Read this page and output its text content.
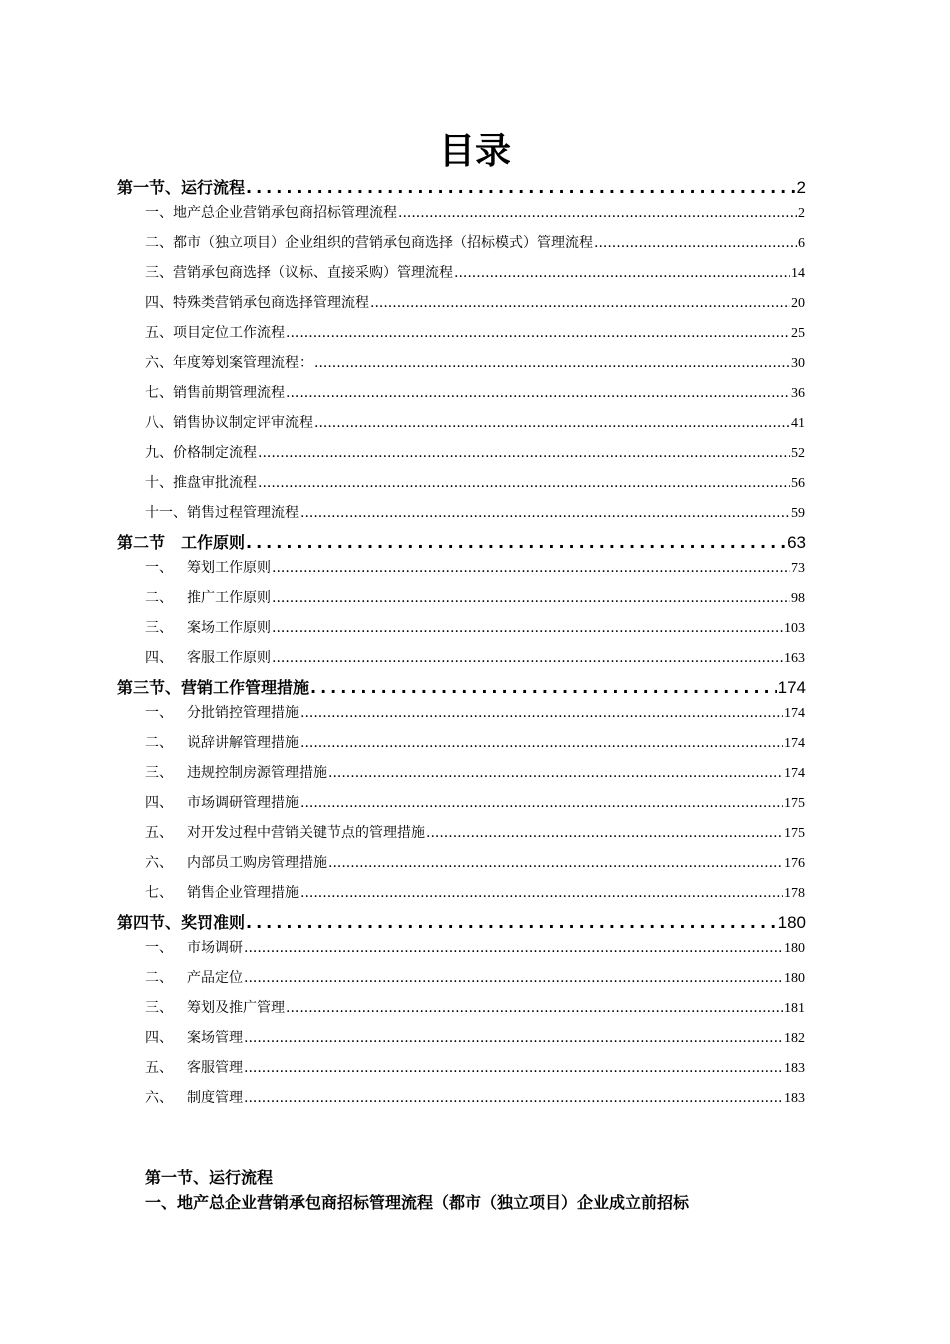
目录
第一节、运行流程 .....	2
一、地产总企业营销承包商招标管理流程 .....	2
二、都市（独立项目）企业组织的营销承包商选择（招标模式）管理流程 .....	6
三、营销承包商选择（议标、直接采购）管理流程 .....	14
四、特殊类营销承包商选择管理流程 .....	20
五、项目定位工作流程 .....	25
六、年度筹划案管理流程： .....	30
七、销售前期管理流程 .....	36
八、销售协议制定评审流程 .....	41
九、价格制定流程 .....	52
十、推盘审批流程 .....	56
十一、销售过程管理流程 .....	59
第二节　工作原则 .....	63
一、 筹划工作原则 .....	73
二、 推广工作原则 .....	98
三、 案场工作原则 .....	103
四、 客服工作原则 .....	163
第三节、营销工作管理措施 .....	174
一、 分批销控管理措施 .....	174
二、 说辞讲解管理措施 .....	174
三、 违规控制房源管理措施 .....	174
四、 市场调研管理措施 .....	175
五、 对开发过程中营销关键节点的管理措施 .....	175
六、 内部员工购房管理措施 .....	176
七、 销售企业管理措施 .....	178
第四节、奖罚准则 .....	180
一、 市场调研 .....	180
二、 产品定位 .....	180
三、 筹划及推广管理 .....	181
四、 案场管理 .....	182
五、 客服管理 .....	183
六、 制度管理 .....	183
第一节、运行流程
一、地产总企业营销承包商招标管理流程（都市（独立项目）企业成立前招标
